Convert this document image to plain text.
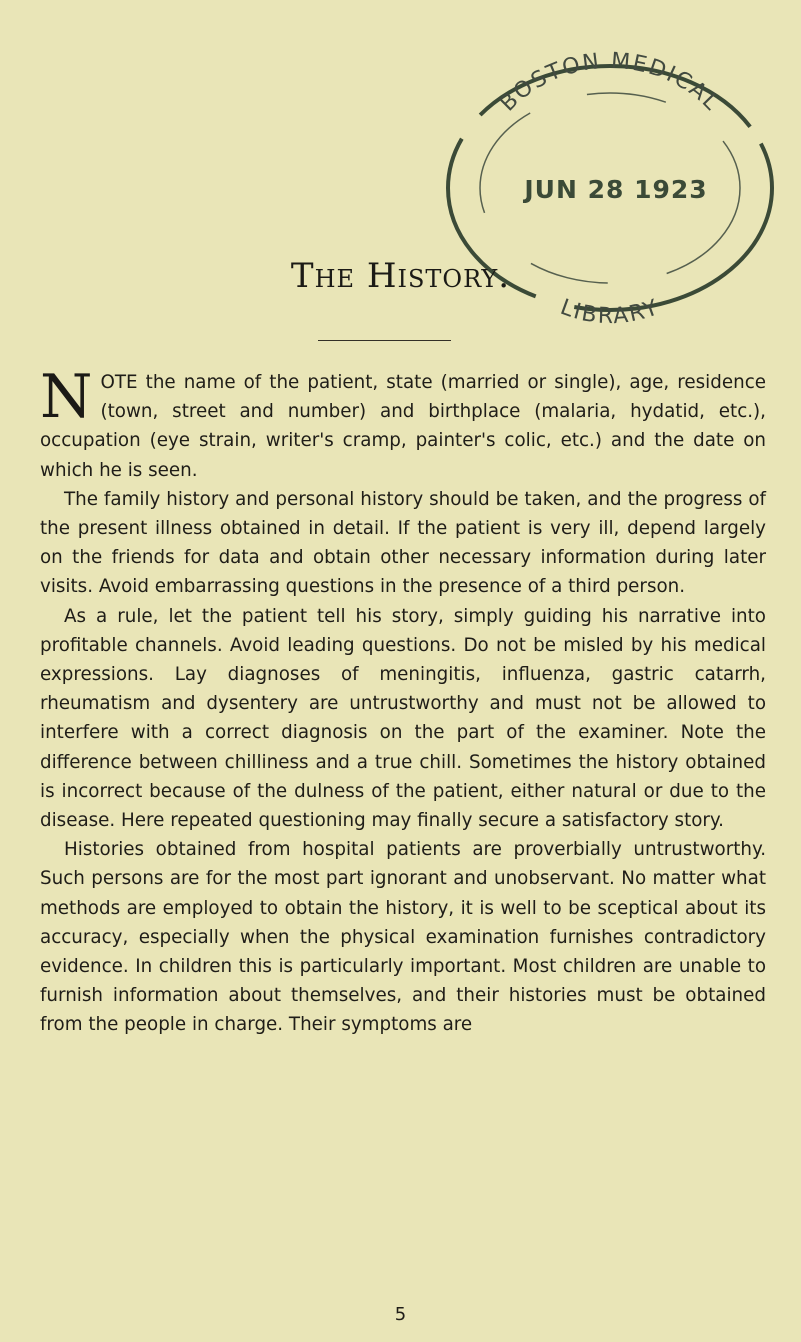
BOSTON MEDICAL
JUN 28 1923
LIBRARY
The History.

NOTE the name of the patient, state (married or single), age, residence (town, street and number) and birthplace (malaria, hydatid, etc.), occupation (eye strain, writer's cramp, painter's colic, etc.) and the date on which he is seen.

The family history and personal history should be taken, and the progress of the present illness obtained in detail. If the patient is very ill, depend largely on the friends for data and obtain other necessary information during later visits. Avoid embarrassing questions in the presence of a third person.

As a rule, let the patient tell his story, simply guiding his narrative into profitable channels. Avoid leading questions. Do not be misled by his medical expressions. Lay diagnoses of meningitis, influenza, gastric catarrh, rheumatism and dysentery are untrustworthy and must not be allowed to interfere with a correct diagnosis on the part of the examiner. Note the difference between chilliness and a true chill. Sometimes the history obtained is incorrect because of the dulness of the patient, either natural or due to the disease. Here repeated questioning may finally secure a satisfactory story.

Histories obtained from hospital patients are proverbially untrustworthy. Such persons are for the most part ignorant and unobservant. No matter what methods are employed to obtain the history, it is well to be sceptical about its accuracy, especially when the physical examination furnishes contradictory evidence. In children this is particularly important. Most children are unable to furnish information about themselves, and their histories must be obtained from the people in charge. Their symptoms are

5
